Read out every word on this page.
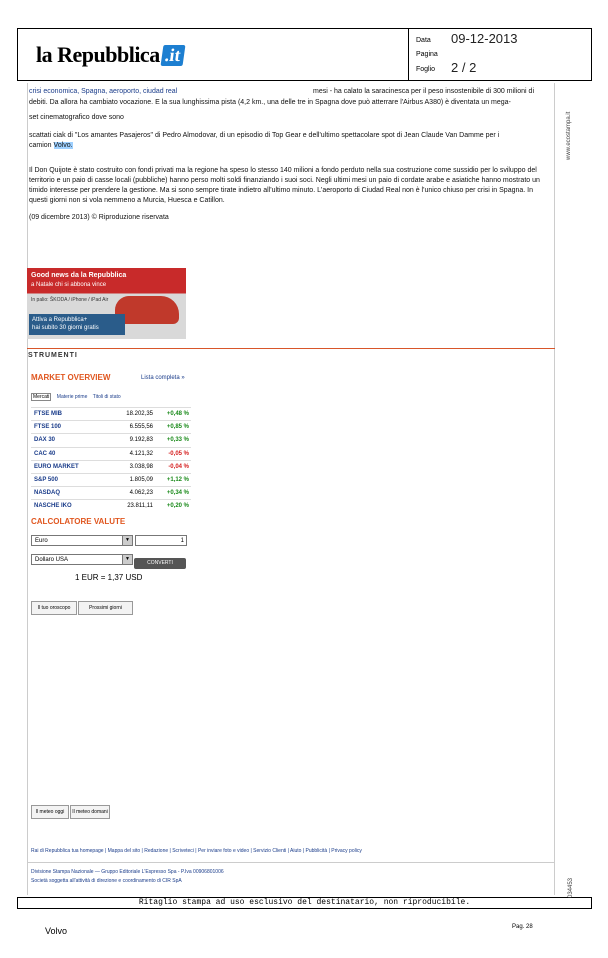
la Repubblica .it
Data 09-12-2013
Pagina
Foglio 2 / 2
crisi economica, Spagna, aeroporto, ciudad real	mesi - ha calato la saracinesca per il peso insostenibile di 300 milioni di
debiti. Da allora ha cambiato vocazione. E la sua lunghissima pista (4,2 km., una delle tre in Spagna dove può atterrare l'Airbus A380) è diventata un mega-
set cinematografico dove sono
scattati ciak di "Los amantes Pasajeros" di Pedro Almodovar, di un episodio di Top Gear e dell'ultimo spettacolare spot di Jean Claude Van Damme per i
camion Volvo.
Il Don Quijote è stato costruito con fondi privati ma la regione ha speso lo stesso 140 milioni a fondo perduto nella sua costruzione come sussidio per lo sviluppo del territorio e un paio di casse locali (pubbliche) hanno perso molti soldi finanziando i suoi soci. Negli ultimi mesi un paio di cordate arabe e asiatiche hanno mostrato un timido interesse per prendere la gestione. Ma si sono sempre tirate indietro all'ultimo minuto. L'aeroporto di Ciudad Real non è l'unico chiuso per crisi in Spagna. In questi giorni non si vola nemmeno a Murcia, Huesca e Catillon.
(09 dicembre 2013) © Riproduzione riservata
Good news da la Repubblica
a Natale chi si abbona vince
In palio: ŠKODA / iPhone / iPad Air
Attiva a Repubblica+
hai subito 30 giorni gratis
STRUMENTI
MARKET OVERVIEW	Lista completa »
Mercati Materie prime Titoli di stato
FTSE MIB	18.202,35 +0,48 %
FTSE 100	6.555,56 +0,85 %
DAX 30	9.192,83 +0,33 %
CAC 40	4.121,32	-0,05 %
EURO MARKET	3.038,98	-0,04 %
S&P 500	1.805,09 +1,12 %
NASDAQ	4.062,23 +0,34 %
NASCHE IKO	23.811,11 +0,20 %
CALCOLATORE VALUTE
Euro	▼	1
Dollaro USA	▼
CONVERTI
1 EUR = 1,37 USD
Il tuo oroscopo	Prossimi giorni
Il meteo oggi	Il meteo domani
Rai di Repubblica tua homepage | Mappa del sito | Redazione | Scriveteci | Per inviare foto e video | Servizio Clienti | Aiuto | Pubblicità | Privacy policy
Divisione Stampa Nazionale — Gruppo Editoriale L'Espresso Spa - P.Iva 00906801006
Società soggetta all'attività di direzione e coordinamento di CIR SpA
Ritaglio stampa ad uso esclusivo del destinatario, non riproducibile.
Volvo	Pag. 28
www.ecostampa.it
034453
